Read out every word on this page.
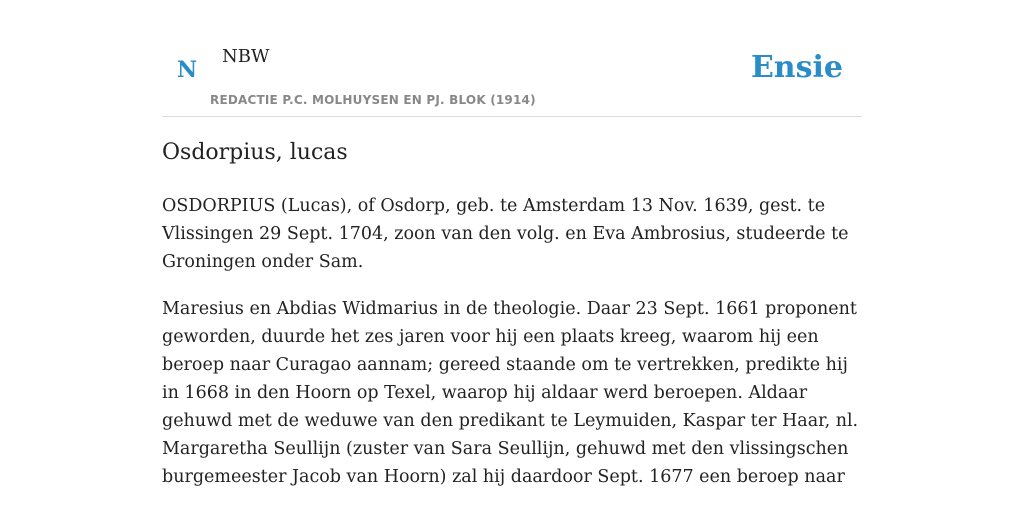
N
NBW
REDACTIE P.C. MOLHUYSEN EN PJ. BLOK (1914)
Ensie
Osdorpius, lucas

OSDORPIUS (Lucas), of Osdorp, geb. te Amsterdam 13 Nov. 1639, gest. te Vlissingen 29 Sept. 1704, zoon van den volg. en Eva Ambrosius, studeerde te Groningen onder Sam.

Maresius en Abdias Widmarius in de theologie. Daar 23 Sept. 1661 proponent geworden, duurde het zes jaren voor hij een plaats kreeg, waarom hij een beroep naar Curagao aannam; gereed staande om te vertrekken, predikte hij in 1668 in den Hoorn op Texel, waarop hij aldaar werd beroepen. Aldaar gehuwd met de weduwe van den predikant te Leymuiden, Kaspar ter Haar, nl. Margaretha Seullijn (zuster van Sara Seullijn, gehuwd met den vlissingschen burgemeester Jacob van Hoorn) zal hij daardoor Sept. 1677 een beroep naar
